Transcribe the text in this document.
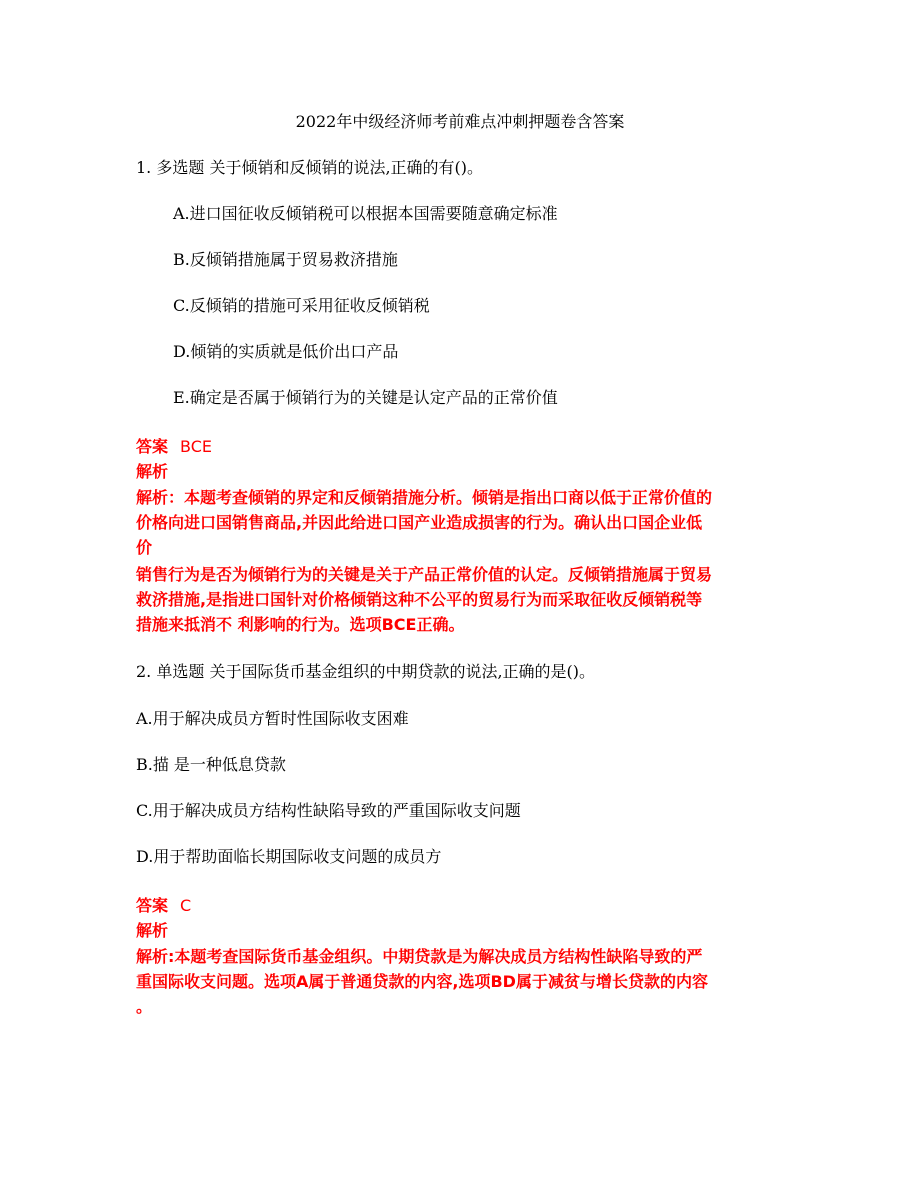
2022年中级经济师考前难点冲刺押题卷含答案
1. 多选题 关于倾销和反倾销的说法,正确的有()。
A.进口国征收反倾销税可以根据本国需要随意确定标准
B.反倾销措施属于贸易救济措施
C.反倾销的措施可采用征收反倾销税
D.倾销的实质就是低价出口产品
E.确定是否属于倾销行为的关键是认定产品的正常价值
答案 BCE
解析
解析：本题考查倾销的界定和反倾销措施分析。倾销是指出口商以低于正常价值的
价格向进口国销售商品,并因此给进口国产业造成损害的行为。确认出口国企业低
价
销售行为是否为倾销行为的关键是关于产品正常价值的认定。反倾销措施属于贸易
救济措施,是指进口国针对价格倾销这种不公平的贸易行为而采取征收反倾销税等
措施来抵消不 利影响的行为。选项BCE正确。
2. 单选题 关于国际货币基金组织的中期贷款的说法,正确的是()。
A.用于解决成员方暂时性国际收支困难
B.描 是一种低息贷款
C.用于解决成员方结构性缺陷导致的严重国际收支问题
D.用于帮助面临长期国际收支问题的成员方
答案 C
解析
解析:本题考查国际货币基金组织。中期贷款是为解决成员方结构性缺陷导致的严
重国际收支问题。选项A属于普通贷款的内容,选项BD属于减贫与增长贷款的内容
。
